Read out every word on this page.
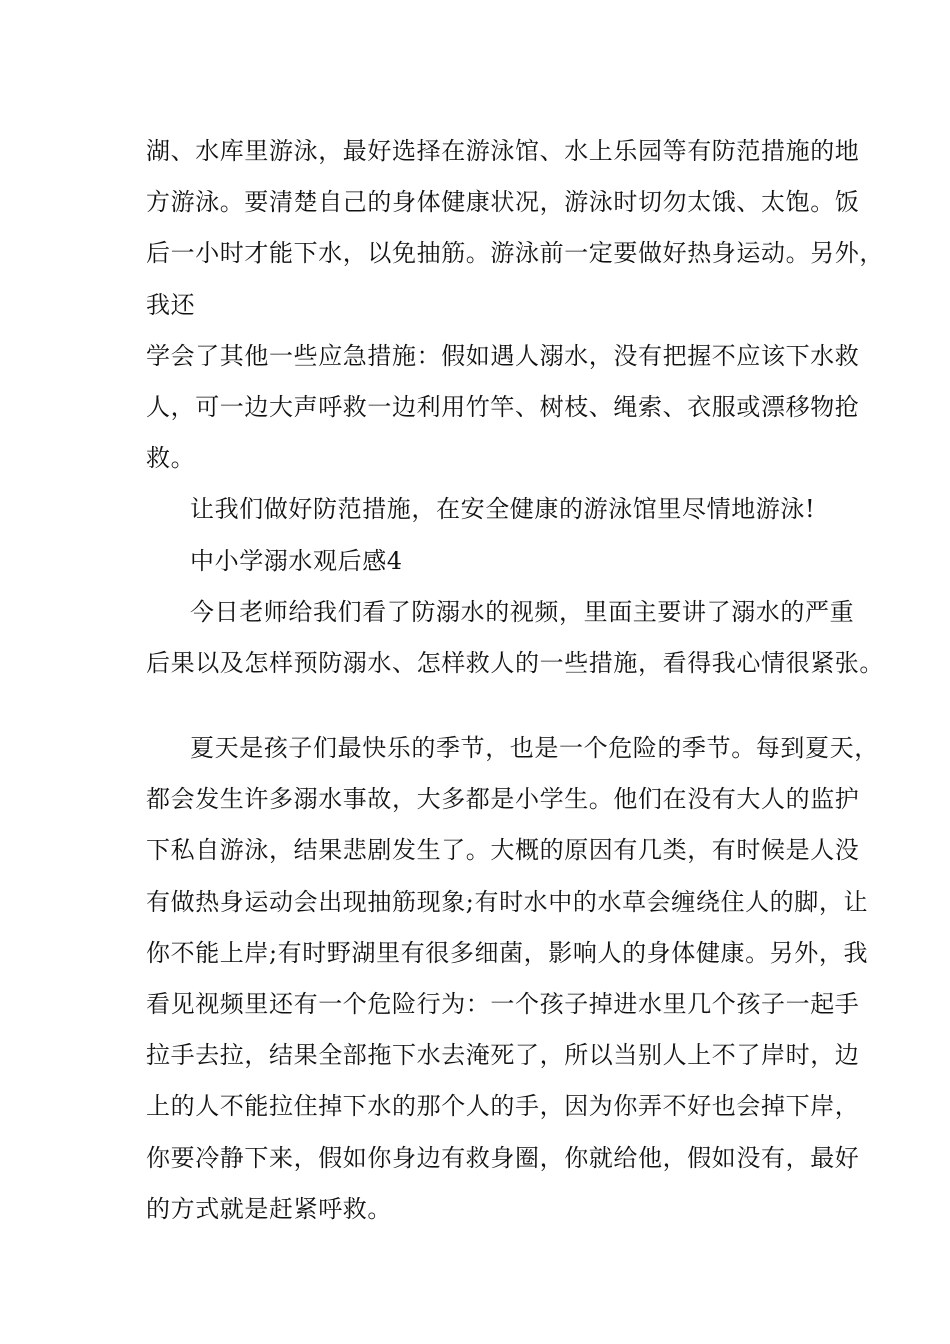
湖、水库里游泳，最好选择在游泳馆、水上乐园等有防范措施的地
方游泳。要清楚自己的身体健康状况，游泳时切勿太饿、太饱。饭
后一小时才能下水，以免抽筋。游泳前一定要做好热身运动。另外，
我还
学会了其他一些应急措施：假如遇人溺水，没有把握不应该下水救
人，可一边大声呼救一边利用竹竿、树枝、绳索、衣服或漂移物抢
救。
让我们做好防范措施，在安全健康的游泳馆里尽情地游泳!
中小学溺水观后感4
今日老师给我们看了防溺水的视频，里面主要讲了溺水的严重
后果以及怎样预防溺水、怎样救人的一些措施，看得我心情很紧张。
夏天是孩子们最快乐的季节，也是一个危险的季节。每到夏天，
都会发生许多溺水事故，大多都是小学生。他们在没有大人的监护
下私自游泳，结果悲剧发生了。大概的原因有几类，有时候是人没
有做热身运动会出现抽筋现象;有时水中的水草会缠绕住人的脚，让
你不能上岸;有时野湖里有很多细菌，影响人的身体健康。另外，我
看见视频里还有一个危险行为：一个孩子掉进水里几个孩子一起手
拉手去拉，结果全部拖下水去淹死了，所以当别人上不了岸时，边
上的人不能拉住掉下水的那个人的手，因为你弄不好也会掉下岸，
你要冷静下来，假如你身边有救身圈，你就给他，假如没有，最好
的方式就是赶紧呼救。
